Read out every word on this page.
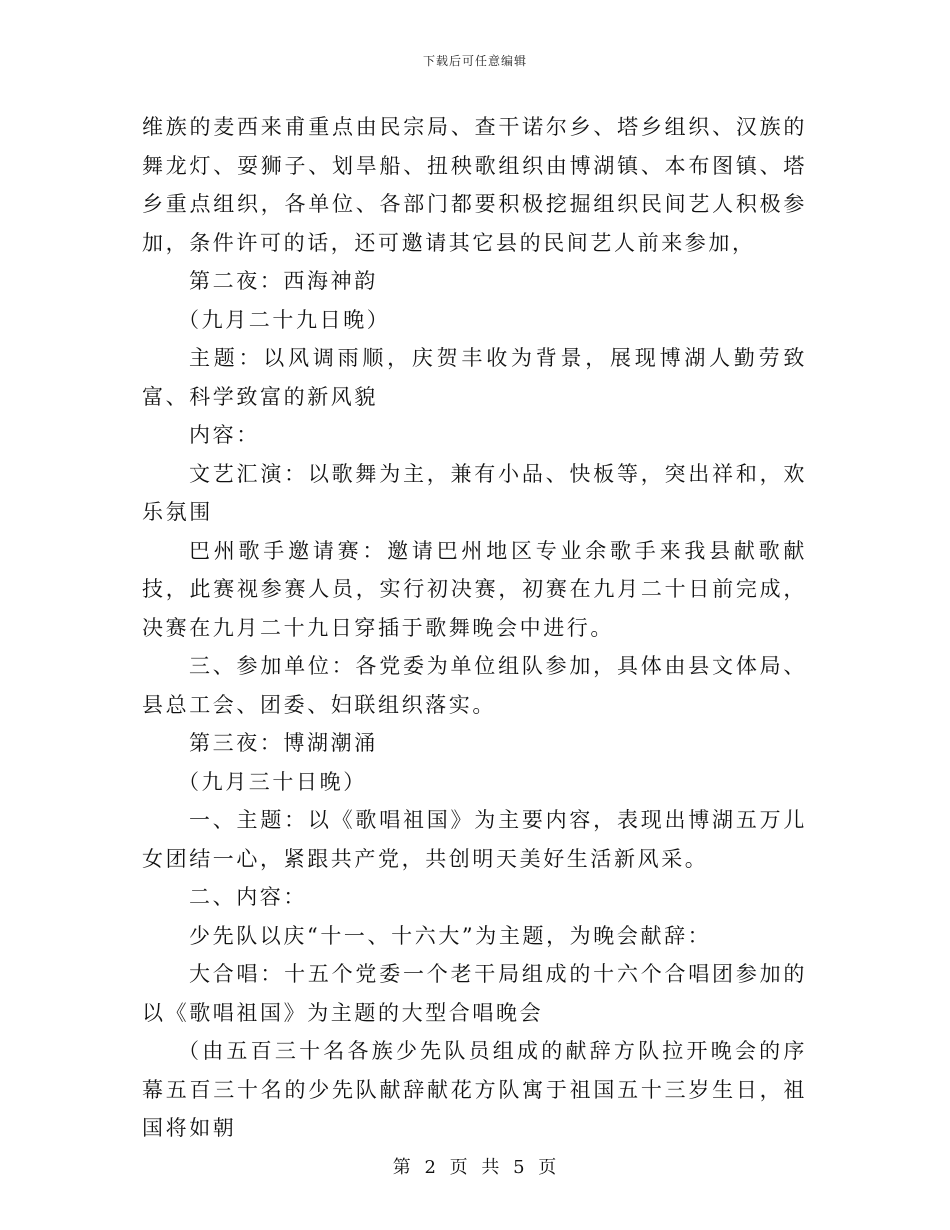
下载后可任意编辑

维族的麦西来甫重点由民宗局、查干诺尔乡、塔乡组织、汉族的舞龙灯、耍狮子、划旱船、扭秧歌组织由博湖镇、本布图镇、塔乡重点组织，各单位、各部门都要积极挖掘组织民间艺人积极参加，条件许可的话，还可邀请其它县的民间艺人前来参加，

第二夜：西海神韵

（九月二十九日晚）

主题：以风调雨顺，庆贺丰收为背景，展现博湖人勤劳致富、科学致富的新风貌

内容：

文艺汇演：以歌舞为主，兼有小品、快板等，突出祥和，欢乐氛围

巴州歌手邀请赛：邀请巴州地区专业余歌手来我县献歌献技，此赛视参赛人员，实行初决赛，初赛在九月二十日前完成，决赛在九月二十九日穿插于歌舞晚会中进行。

三、参加单位：各党委为单位组队参加，具体由县文体局、县总工会、团委、妇联组织落实。

第三夜：博湖潮涌

（九月三十日晚）

一、主题：以《歌唱祖国》为主要内容，表现出博湖五万儿女团结一心，紧跟共产党，共创明天美好生活新风采。

二、内容：

少先队以庆“十一、十六大”为主题，为晚会献辞：

大合唱：十五个党委一个老干局组成的十六个合唱团参加的以《歌唱祖国》为主题的大型合唱晚会

（由五百三十名各族少先队员组成的献辞方队拉开晚会的序幕五百三十名的少先队献辞献花方队寓于祖国五十三岁生日，祖国将如朝

第 2 页 共 5 页
